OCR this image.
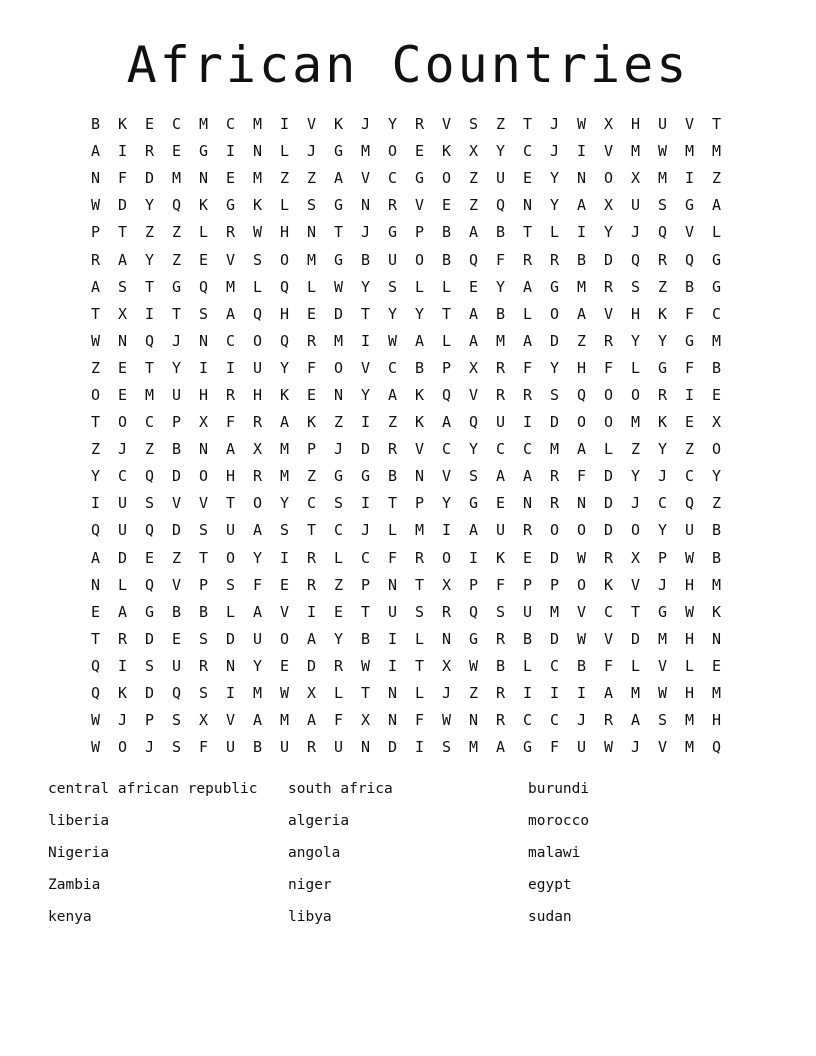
African Countries
B	K	E	C	M	C	M	I	V	K	J	Y	R	V	S	Z	T	J	W	X	H	U	V	T
A	I	R	E	G	I	N	L	J	G	M	O	E	K	X	Y	C	J	I	V	M	W	M	M
N	F	D	M	N	E	M	Z	Z	A	V	C	G	O	Z	U	E	Y	N	O	X	M	I	Z
W	D	Y	Q	K	G	K	L	S	G	N	R	V	E	Z	Q	N	Y	A	X	U	S	G	A
P	T	Z	Z	L	R	W	H	N	T	J	G	P	B	A	B	T	L	I	Y	J	Q	V	L
R	A	Y	Z	E	V	S	O	M	G	B	U	O	B	Q	F	R	R	B	D	Q	R	Q	G
A	S	T	G	Q	M	L	Q	L	W	Y	S	L	L	E	Y	A	G	M	R	S	Z	B	G
T	X	I	T	S	A	Q	H	E	D	T	Y	Y	T	A	B	L	O	A	V	H	K	F	C
W	N	Q	J	N	C	O	Q	R	M	I	W	A	L	A	M	A	D	Z	R	Y	Y	G	M
Z	E	T	Y	I	I	U	Y	F	O	V	C	B	P	X	R	F	Y	H	F	L	G	F	B
O	E	M	U	H	R	H	K	E	N	Y	A	K	Q	V	R	R	S	Q	O	O	R	I	E
T	O	C	P	X	F	R	A	K	Z	I	Z	K	A	Q	U	I	D	O	O	M	K	E	X
Z	J	Z	B	N	A	X	M	P	J	D	R	V	C	Y	C	C	M	A	L	Z	Y	Z	O
Y	C	Q	D	O	H	R	M	Z	G	G	B	N	V	S	A	A	R	F	D	Y	J	C	Y
I	U	S	V	V	T	O	Y	C	S	I	T	P	Y	G	E	N	R	N	D	J	C	Q	Z
Q	U	Q	D	S	U	A	S	T	C	J	L	M	I	A	U	R	O	O	D	O	Y	U	B
A	D	E	Z	T	O	Y	I	R	L	C	F	R	O	I	K	E	D	W	R	X	P	W	B
N	L	Q	V	P	S	F	E	R	Z	P	N	T	X	P	F	P	P	O	K	V	J	H	M
E	A	G	B	B	L	A	V	I	E	T	U	S	R	Q	S	U	M	V	C	T	G	W	K
T	R	D	E	S	D	U	O	A	Y	B	I	L	N	G	R	B	D	W	V	D	M	H	N
Q	I	S	U	R	N	Y	E	D	R	W	I	T	X	W	B	L	C	B	F	L	V	L	E
Q	K	D	Q	S	I	M	W	X	L	T	N	L	J	Z	R	I	I	I	A	M	W	H	M
W	J	P	S	X	V	A	M	A	F	X	N	F	W	N	R	C	C	J	R	A	S	M	H
W	O	J	S	F	U	B	U	R	U	N	D	I	S	M	A	G	F	U	W	J	V	M	Q
central african republic	south africa	burundi
liberia	algeria	morocco
Nigeria	angola	malawi
Zambia	niger	egypt
kenya	libya	sudan
